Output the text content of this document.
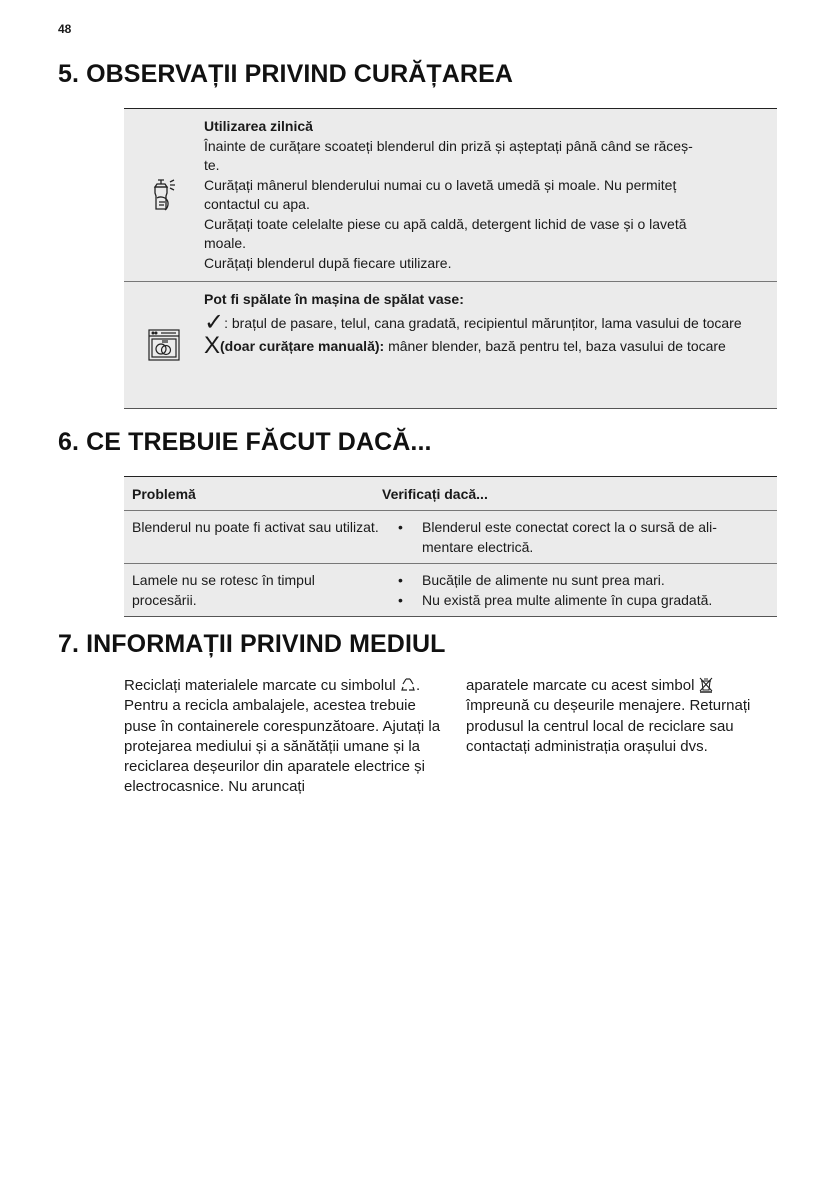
48
5. OBSERVAȚII PRIVIND CURĂȚAREA
Utilizarea zilnică
Înainte de curățare scoateți blenderul din priză și așteptați până când se răceș-
te.
Curățați mânerul blenderului numai cu o lavetă umedă și moale. Nu permiteț
contactul cu apa.
Curățați toate celelalte piese cu apă caldă, detergent lichid de vase și o lavetă
moale.
Curățați blenderul după fiecare utilizare.
Pot fi spălate în mașina de spălat vase:
✓: brațul de pasare, telul, cana gradată, recipientul mărunțitor, lama vasului de tocare
X(doar curățare manuală): mâner blender, bază pentru tel, baza vasului de tocare
6. CE TREBUIE FĂCUT DACĂ...
Problemă	Verificați dacă...
Blenderul nu poate fi activat sau utilizat.	•	Blenderul este conectat corect la o sursă de ali-mentare electrică.
Lamele nu se rotesc în timpul procesării.
•	Bucățile de alimente nu sunt prea mari.
•	Nu există prea multe alimente în cupa gradată.
7. INFORMAȚII PRIVIND MEDIUL
Reciclați materialele marcate cu simbolul . Pentru a recicla ambalajele, acestea trebuie puse în containerele corespunzătoare. Ajutați la protejarea mediului și a sănătății umane și la reciclarea deșeurilor din aparatele electrice și electrocasnice. Nu aruncați
aparatele marcate cu acest simbol  împreună cu deșeurile menajere. Returnați produsul la centrul local de reciclare sau contactați administrația orașului dvs.
